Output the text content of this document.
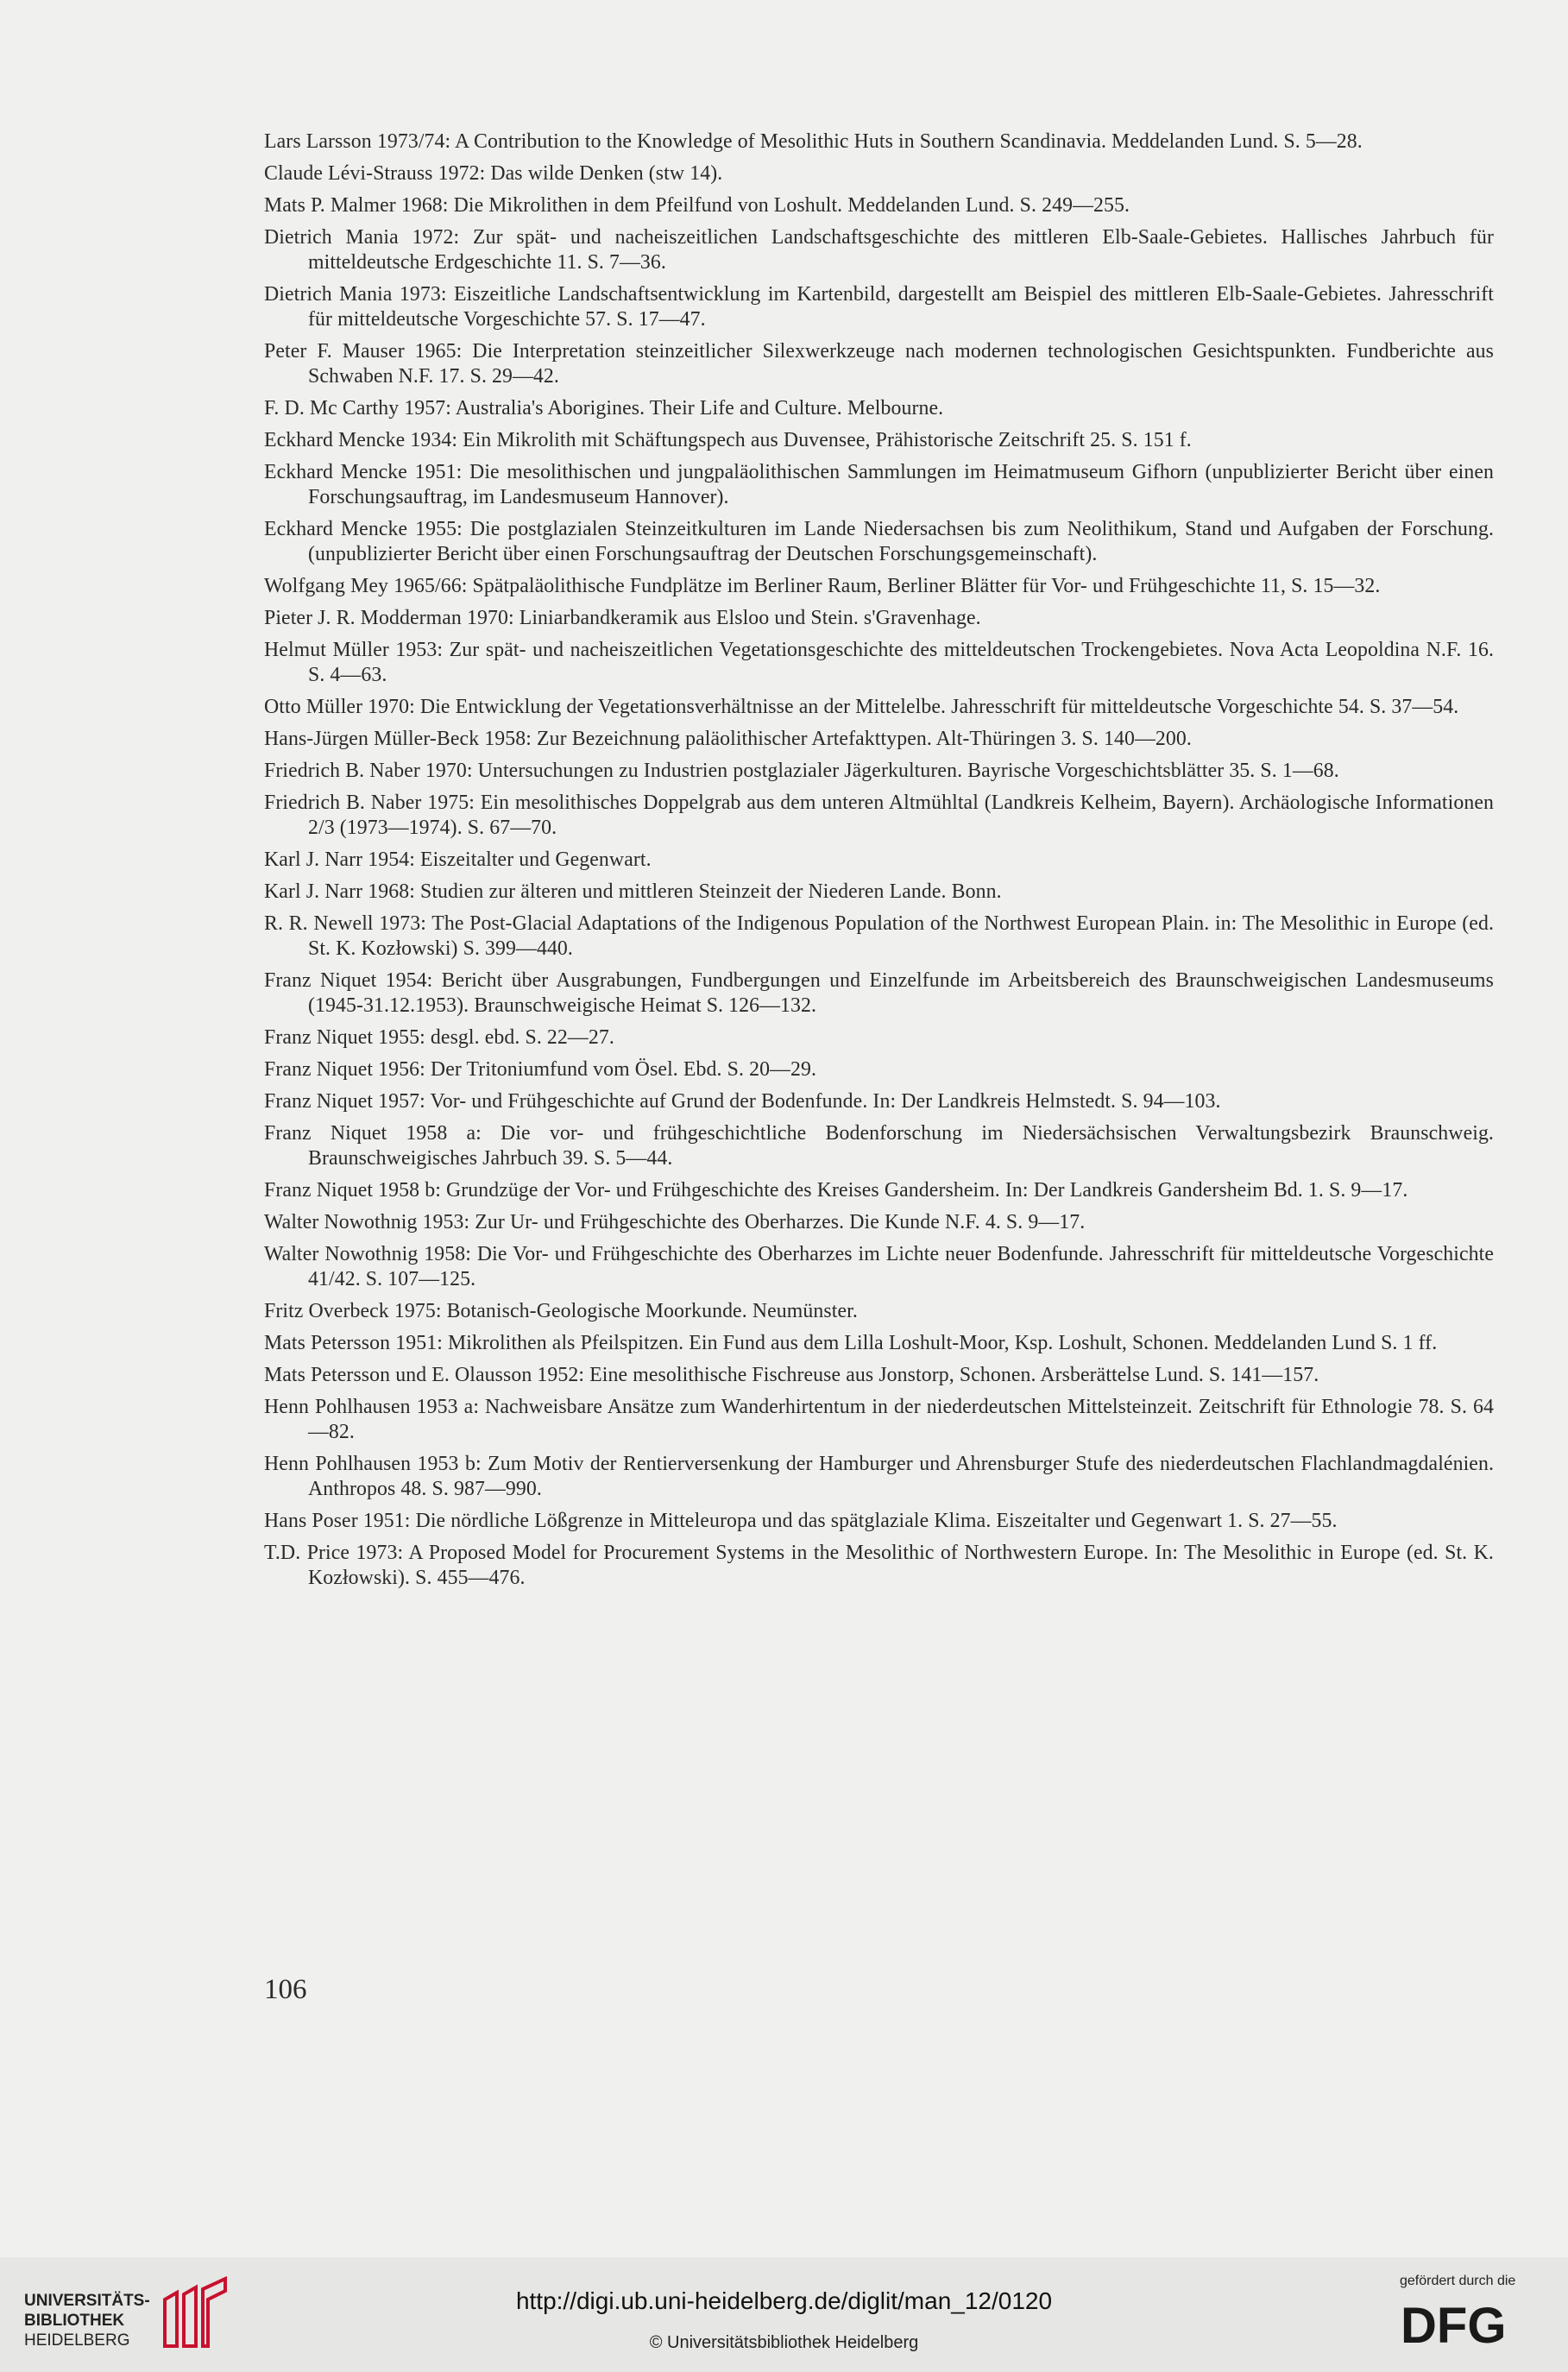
Lars Larsson 1973/74: A Contribution to the Knowledge of Mesolithic Huts in Southern Scandinavia. Meddelanden Lund. S. 5—28.

Claude Lévi-Strauss 1972: Das wilde Denken (stw 14).

Mats P. Malmer 1968: Die Mikrolithen in dem Pfeilfund von Loshult. Meddelanden Lund. S. 249—255.

Dietrich Mania 1972: Zur spät- und nacheiszeitlichen Landschaftsgeschichte des mittleren Elb-Saale-Gebietes. Hallisches Jahrbuch für mitteldeutsche Erdgeschichte 11. S. 7—36.

Dietrich Mania 1973: Eiszeitliche Landschaftsentwicklung im Kartenbild, dargestellt am Beispiel des mittleren Elb-Saale-Gebietes. Jahresschrift für mitteldeutsche Vorgeschichte 57. S. 17—47.

Peter F. Mauser 1965: Die Interpretation steinzeitlicher Silexwerkzeuge nach modernen technologischen Gesichtspunkten. Fundberichte aus Schwaben N.F. 17. S. 29—42.

F. D. Mc Carthy 1957: Australia's Aborigines. Their Life and Culture. Melbourne.

Eckhard Mencke 1934: Ein Mikrolith mit Schäftungspech aus Duvensee, Prähistorische Zeitschrift 25. S. 151 f.

Eckhard Mencke 1951: Die mesolithischen und jungpaläolithischen Sammlungen im Heimatmuseum Gifhorn (unpublizierter Bericht über einen Forschungsauftrag, im Landesmuseum Hannover).

Eckhard Mencke 1955: Die postglazialen Steinzeitkulturen im Lande Niedersachsen bis zum Neolithikum, Stand und Aufgaben der Forschung. (unpublizierter Bericht über einen Forschungsauftrag der Deutschen Forschungsgemeinschaft).

Wolfgang Mey 1965/66: Spätpaläolithische Fundplätze im Berliner Raum, Berliner Blätter für Vor- und Frühgeschichte 11, S. 15—32.

Pieter J. R. Modderman 1970: Liniarbandkeramik aus Elsloo und Stein. s'Gravenhage.

Helmut Müller 1953: Zur spät- und nacheiszeitlichen Vegetationsgeschichte des mitteldeutschen Trockengebietes. Nova Acta Leopoldina N.F. 16. S. 4—63.

Otto Müller 1970: Die Entwicklung der Vegetationsverhältnisse an der Mittelelbe. Jahresschrift für mitteldeutsche Vorgeschichte 54. S. 37—54.

Hans-Jürgen Müller-Beck 1958: Zur Bezeichnung paläolithischer Artefakttypen. Alt-Thüringen 3. S. 140—200.

Friedrich B. Naber 1970: Untersuchungen zu Industrien postglazialer Jägerkulturen. Bayrische Vorgeschichtsblätter 35. S. 1—68.

Friedrich B. Naber 1975: Ein mesolithisches Doppelgrab aus dem unteren Altmühltal (Landkreis Kelheim, Bayern). Archäologische Informationen 2/3 (1973—1974). S. 67—70.

Karl J. Narr 1954: Eiszeitalter und Gegenwart.

Karl J. Narr 1968: Studien zur älteren und mittleren Steinzeit der Niederen Lande. Bonn.

R. R. Newell 1973: The Post-Glacial Adaptations of the Indigenous Population of the Northwest European Plain. in: The Mesolithic in Europe (ed. St. K. Kozłowski) S. 399—440.

Franz Niquet 1954: Bericht über Ausgrabungen, Fundbergungen und Einzelfunde im Arbeitsbereich des Braunschweigischen Landesmuseums (1945-31.12.1953). Braunschweigische Heimat S. 126—132.

Franz Niquet 1955: desgl. ebd. S. 22—27.

Franz Niquet 1956: Der Tritoniumfund vom Ösel. Ebd. S. 20—29.

Franz Niquet 1957: Vor- und Frühgeschichte auf Grund der Bodenfunde. In: Der Landkreis Helmstedt. S. 94—103.

Franz Niquet 1958 a: Die vor- und frühgeschichtliche Bodenforschung im Niedersächsischen Verwaltungsbezirk Braunschweig. Braunschweigisches Jahrbuch 39. S. 5—44.

Franz Niquet 1958 b: Grundzüge der Vor- und Frühgeschichte des Kreises Gandersheim. In: Der Landkreis Gandersheim Bd. 1. S. 9—17.

Walter Nowothnig 1953: Zur Ur- und Frühgeschichte des Oberharzes. Die Kunde N.F. 4. S. 9—17.

Walter Nowothnig 1958: Die Vor- und Frühgeschichte des Oberharzes im Lichte neuer Bodenfunde. Jahresschrift für mitteldeutsche Vorgeschichte 41/42. S. 107—125.

Fritz Overbeck 1975: Botanisch-Geologische Moorkunde. Neumünster.

Mats Petersson 1951: Mikrolithen als Pfeilspitzen. Ein Fund aus dem Lilla Loshult-Moor, Ksp. Loshult, Schonen. Meddelanden Lund S. 1 ff.

Mats Petersson und E. Olausson 1952: Eine mesolithische Fischreuse aus Jonstorp, Schonen. Arsberättelse Lund. S. 141—157.

Henn Pohlhausen 1953 a: Nachweisbare Ansätze zum Wanderhirtentum in der niederdeutschen Mittelsteinzeit. Zeitschrift für Ethnologie 78. S. 64—82.

Henn Pohlhausen 1953 b: Zum Motiv der Rentierversenkung der Hamburger und Ahrensburger Stufe des niederdeutschen Flachlandmagdalénien. Anthropos 48. S. 987—990.

Hans Poser 1951: Die nördliche Lößgrenze in Mitteleuropa und das spätglaziale Klima. Eiszeitalter und Gegenwart 1. S. 27—55.

T.D. Price 1973: A Proposed Model for Procurement Systems in the Mesolithic of Northwestern Europe. In: The Mesolithic in Europe (ed. St. K. Kozłowski). S. 455—476.

106
UNIVERSITÄTS-
BIBLIOTHEK
HEIDELBERG
http://digi.ub.uni-heidelberg.de/diglit/man_12/0120
© Universitätsbibliothek Heidelberg
gefördert durch die
DFG
